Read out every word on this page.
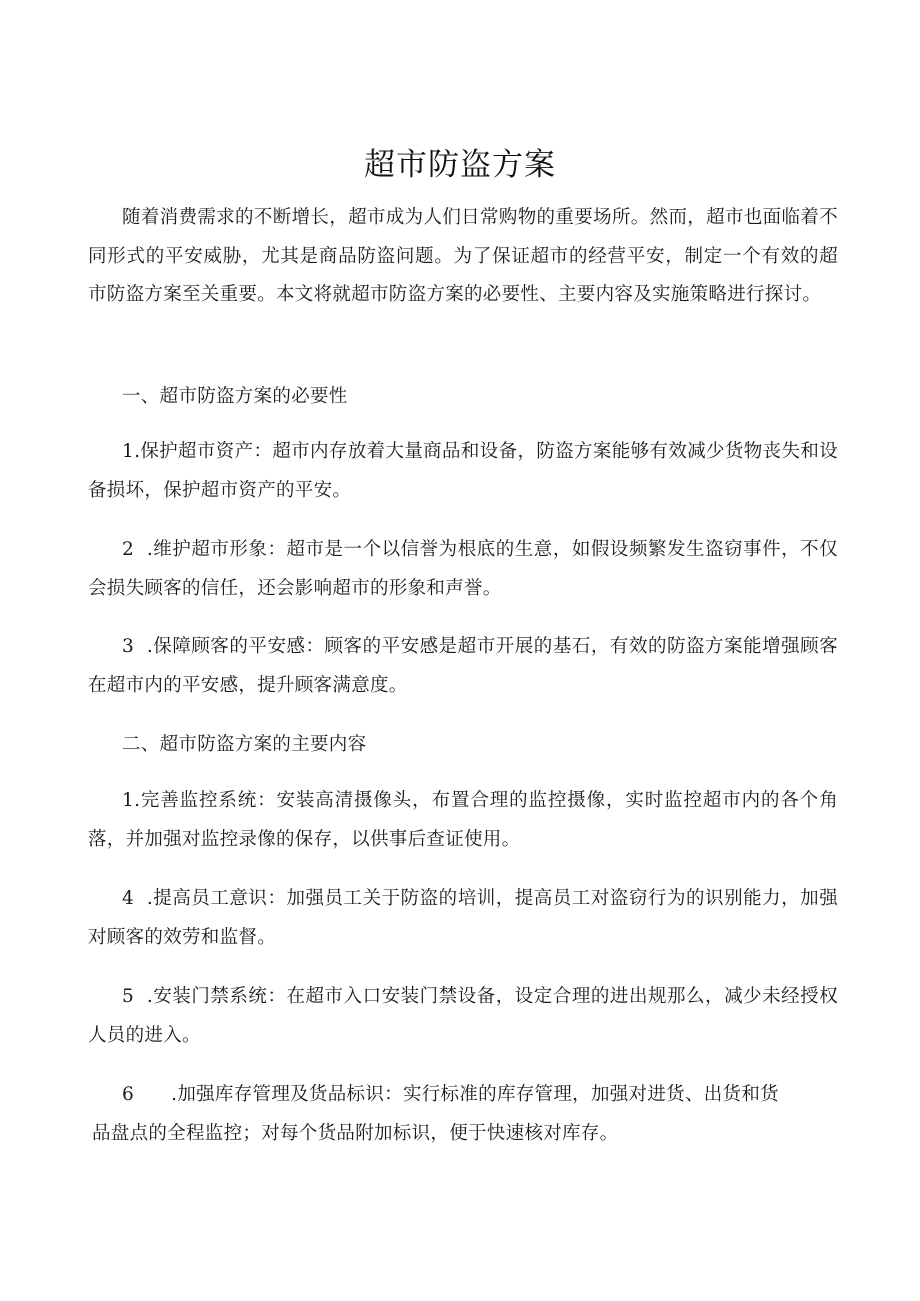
超市防盗方案

随着消费需求的不断增长，超市成为人们日常购物的重要场所。然而，超市也面临着不同形式的平安威胁，尤其是商品防盗问题。为了保证超市的经营平安，制定一个有效的超市防盗方案至关重要。本文将就超市防盗方案的必要性、主要内容及实施策略进行探讨。

一、超市防盗方案的必要性

1.保护超市资产：超市内存放着大量商品和设备，防盗方案能够有效减少货物丧失和设备损坏，保护超市资产的平安。

2  .维护超市形象：超市是一个以信誉为根底的生意，如假设频繁发生盗窃事件，不仅会损失顾客的信任，还会影响超市的形象和声誉。

3  .保障顾客的平安感：顾客的平安感是超市开展的基石，有效的防盗方案能增强顾客在超市内的平安感，提升顾客满意度。

二、超市防盗方案的主要内容

1.完善监控系统：安装高清摄像头，布置合理的监控摄像，实时监控超市内的各个角落，并加强对监控录像的保存，以供事后查证使用。

4  .提高员工意识：加强员工关于防盗的培训，提高员工对盗窃行为的识别能力，加强对顾客的效劳和监督。

5  .安装门禁系统：在超市入口安装门禁设备，设定合理的进出规那么，减少未经授权人员的进入。

6      .加强库存管理及货品标识：实行标准的库存管理，加强对进货、出货和货

品盘点的全程监控；对每个货品附加标识，便于快速核对库存。
